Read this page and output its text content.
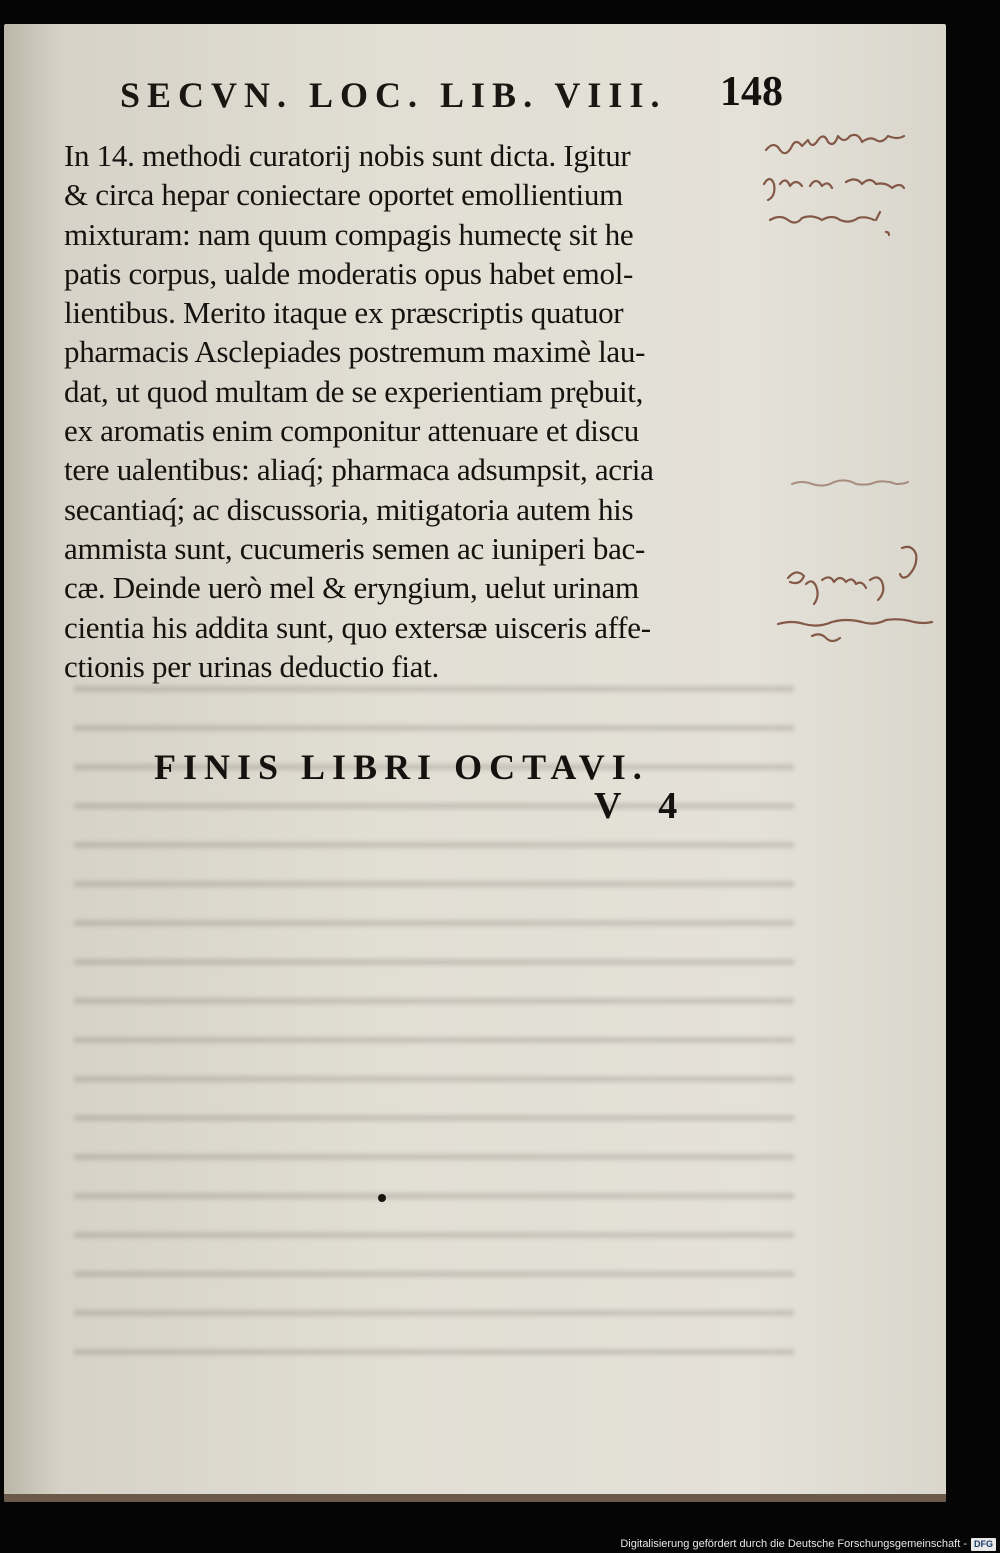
SECVN. LOC. LIB. VIII.	148
In 14. methodi curatorij nobis sunt dicta. Igitur
& circa hepar coniectare oportet emollientium
mixturam: nam quum compagis humectę sit he
patis corpus, ualde moderatis opus habet emol-
lientibus. Merito itaque ex præscriptis quatuor
pharmacis Asclepiades postremum maximè lau-
dat, ut quod multam de se experientiam prębuit,
ex aromatis enim componitur attenuare et discu
tere ualentibus: aliaq́; pharmaca adsumpsit, acria
secantiaq́; ac discussoria, mitigatoria autem his
ammista sunt, cucumeris semen ac iuniperi bac-
cæ. Deinde uerò mel & eryngium, uelut urinam
cientia his addita sunt, quo extersæ uisceris affe-
ctionis per urinas deductio fiat.
FINIS LIBRI OCTAVI.
V 4
Digitalisierung gefördert durch die Deutsche Forschungsgemeinschaft - DFG
